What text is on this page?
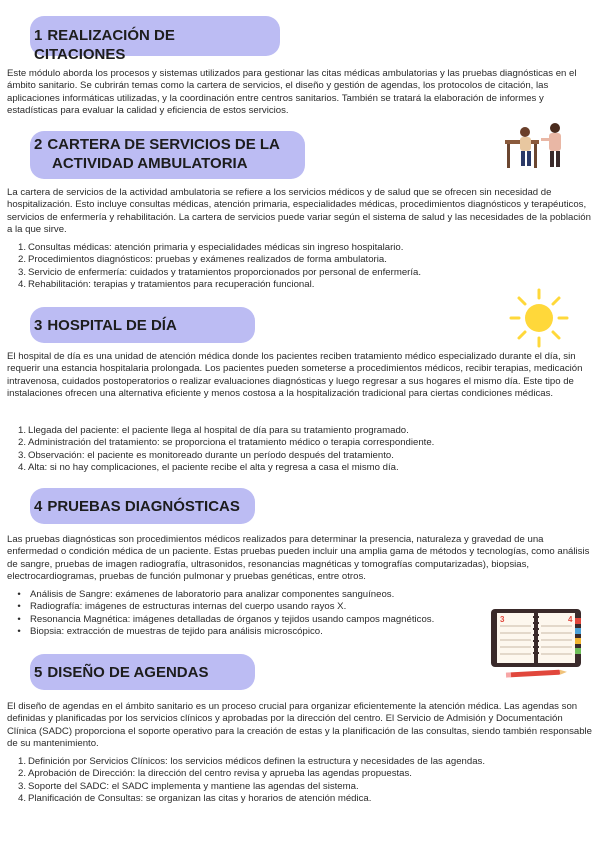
1 REALIZACIÓN DE CITACIONES

Este módulo aborda los procesos y sistemas utilizados para gestionar las citas médicas ambulatorias y las pruebas diagnósticas en el ámbito sanitario. Se cubrirán temas como la cartera de servicios, el diseño y gestión de agendas, los protocolos de citación, las aplicaciones informáticas utilizadas, y la coordinación entre centros sanitarios. También se tratará la elaboración de informes y estadísticas para evaluar la calidad y eficiencia de estos servicios.

2 CARTERA DE SERVICIOS DE LA
ACTIVIDAD AMBULATORIA

La cartera de servicios de la actividad ambulatoria se refiere a los servicios médicos y de salud que se ofrecen sin necesidad de hospitalización. Esto incluye consultas médicas, atención primaria, especialidades médicas, procedimientos diagnósticos y terapéuticos, servicios de enfermería y rehabilitación. La cartera de servicios puede variar según el sistema de salud y las necesidades de la población a la que sirve.

1. Consultas médicas: atención primaria y especialidades médicas sin ingreso hospitalario.
2. Procedimientos diagnósticos: pruebas y exámenes realizados de forma ambulatoria.
3. Servicio de enfermería: cuidados y tratamientos proporcionados por personal de enfermería.
4. Rehabilitación: terapias y tratamientos para recuperación funcional.
3 HOSPITAL DE DÍA

El hospital de día es una unidad de atención médica donde los pacientes reciben tratamiento médico especializado durante el día, sin requerir una estancia hospitalaria prolongada. Los pacientes pueden someterse a procedimientos médicos, recibir terapias, medicación intravenosa, cuidados postoperatorios o realizar evaluaciones diagnósticas y luego regresar a sus hogares el mismo día. Este tipo de instalaciones ofrecen una alternativa eficiente y menos costosa a la hospitalización tradicional para ciertas condiciones médicas.

1. Llegada del paciente: el paciente llega al hospital de día para su tratamiento programado.
2. Administración del tratamiento: se proporciona el tratamiento médico o terapia correspondiente.
3. Observación: el paciente es monitoreado durante un período después del tratamiento.
4. Alta: si no hay complicaciones, el paciente recibe el alta y regresa a casa el mismo día.
4 PRUEBAS DIAGNÓSTICAS

Las pruebas diagnósticas son procedimientos médicos realizados para determinar la presencia, naturaleza y gravedad de una enfermedad o condición médica de un paciente. Estas pruebas pueden incluir una amplia gama de métodos y tecnologías, como análisis de sangre, pruebas de imagen radiografía, ultrasonidos, resonancias magnéticas y tomografías computarizadas), biopsias, electrocardiogramas, pruebas de función pulmonar y pruebas genéticas, entre otros.

• Análisis de Sangre: exámenes de laboratorio para analizar componentes sanguíneos.
• Radiografía: imágenes de estructuras internas del cuerpo usando rayos X.
• Resonancia Magnética: imágenes detalladas de órganos y tejidos usando campos magnéticos.
• Biopsia: extracción de muestras de tejido para análisis microscópico.
3	4
5 DISEÑO DE AGENDAS

El diseño de agendas en el ámbito sanitario es un proceso crucial para organizar eficientemente la atención médica. Las agendas son definidas y planificadas por los servicios clínicos y aprobadas por la dirección del centro. El Servicio de Admisión y Documentación Clínica (SADC) proporciona el soporte operativo para la creación de estas y la planificación de las consultas, siendo también responsable de su mantenimiento.

1. Definición por Servicios Clínicos: los servicios médicos definen la estructura y necesidades de las agendas.
2. Aprobación de Dirección: la dirección del centro revisa y aprueba las agendas propuestas.
3. Soporte del SADC: el SADC implementa y mantiene las agendas del sistema.
4. Planificación de Consultas: se organizan las citas y horarios de atención médica.
